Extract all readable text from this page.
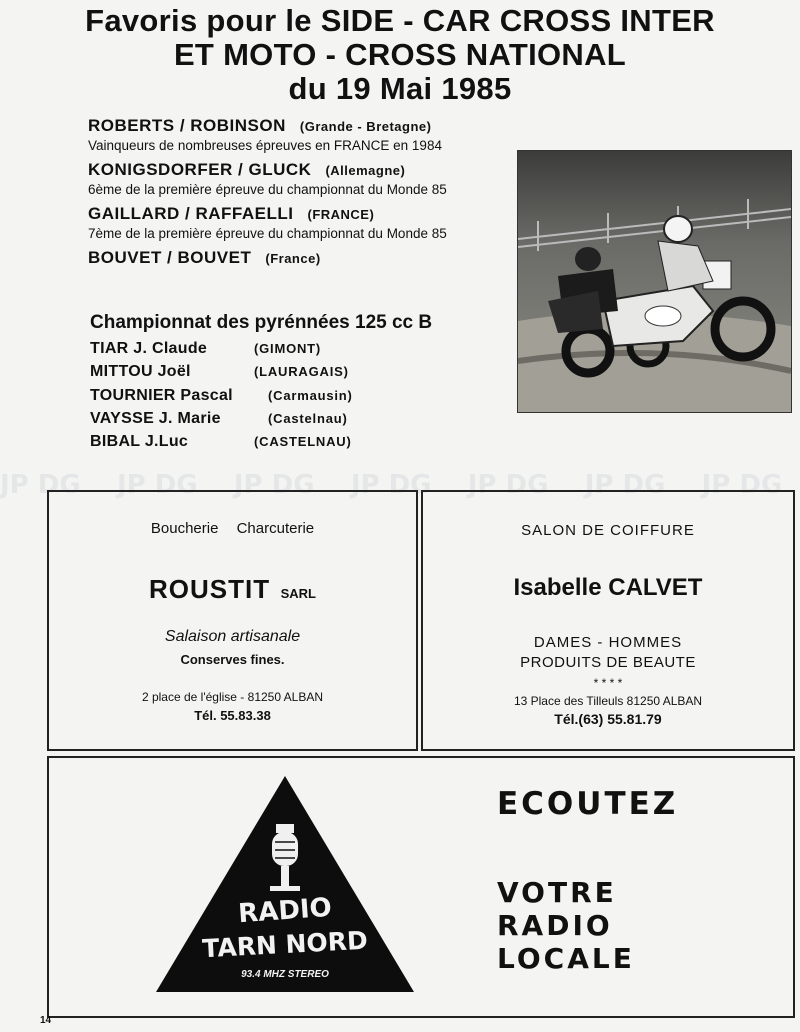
JP DG JP DG JP DG JP DG JP DG JP DG JP DG
Favoris pour le SIDE - CAR CROSS INTER
ET MOTO - CROSS NATIONAL
du 19 Mai 1985
ROBERTS / ROBINSON (Grande - Bretagne)
Vainqueurs de nombreuses épreuves en FRANCE en 1984
KONIGSDORFER / GLUCK (Allemagne)
6ème de la première épreuve du championnat du Monde 85
GAILLARD / RAFFAELLI (FRANCE)
7ème de la première épreuve du championnat du Monde 85
BOUVET / BOUVET (France)
Championnat des pyrénnées 125 cc B
TIAR J. Claude	(GIMONT)
MITTOU Joël	(LAURAGAIS)
TOURNIER Pascal	(Carmausin)
VAYSSE J. Marie	(Castelnau)
BIBAL J.Luc	(CASTELNAU)
Boucherie Charcuterie
ROUSTIT SARL
Salaison artisanale
Conserves fines.
2 place de l'église - 81250 ALBAN
Tél. 55.83.38
SALON DE COIFFURE
Isabelle CALVET
DAMES - HOMMES
PRODUITS DE BEAUTE
* * * *
13 Place des Tilleuls 81250 ALBAN
Tél.(63) 55.81.79
RADIO
TARN NORD
93.4 MHZ STEREO
ECOUTEZ
VOTRE
RADIO
LOCALE
14
